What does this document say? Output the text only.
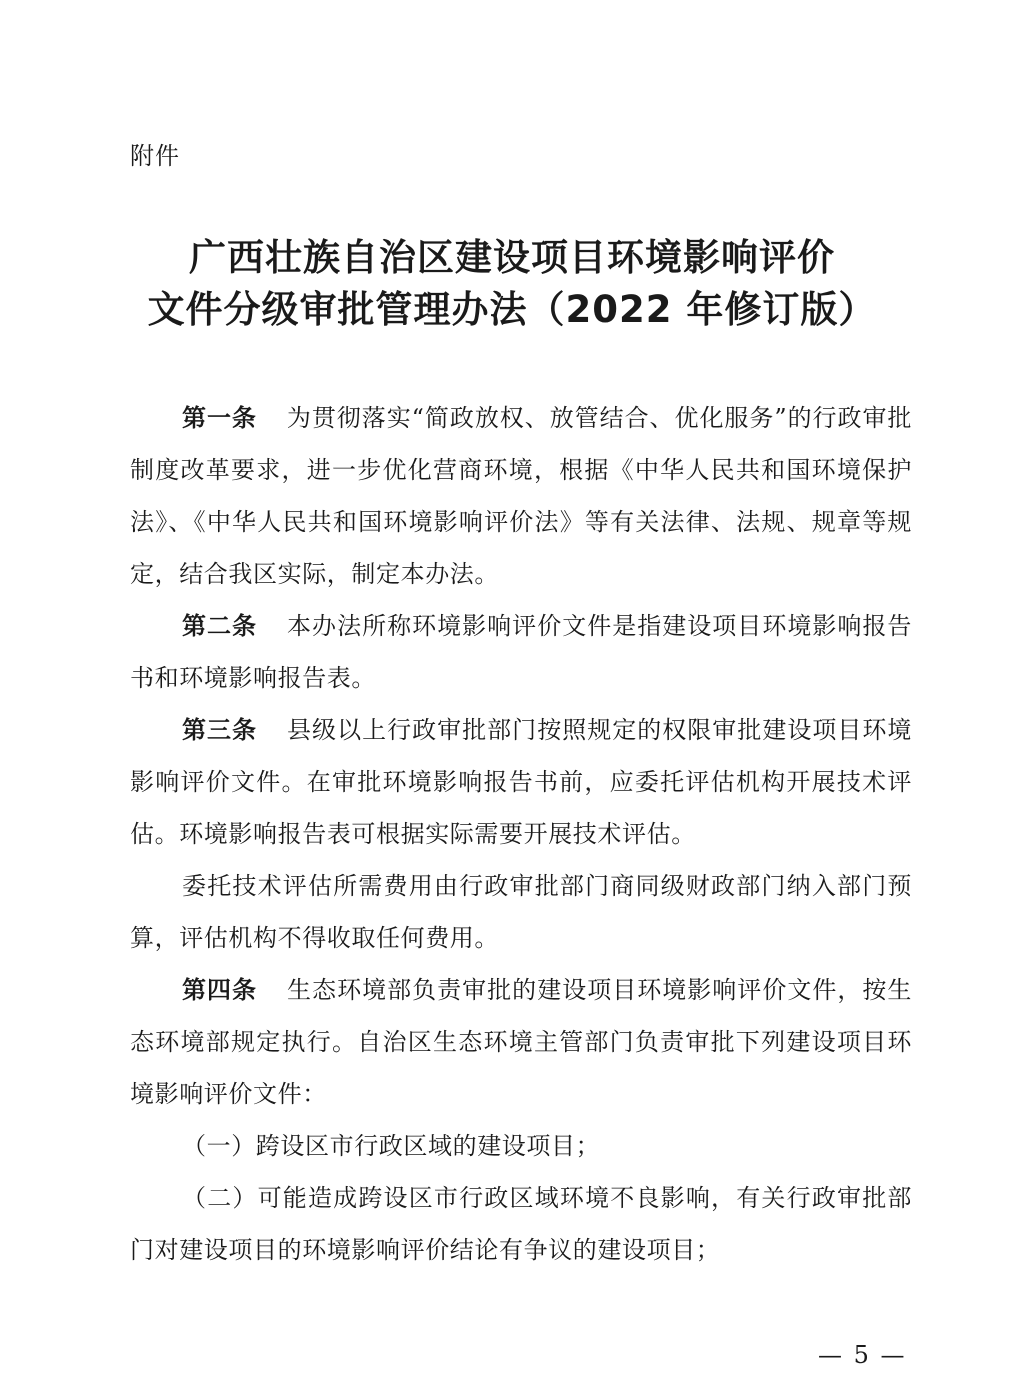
附件
广西壮族自治区建设项目环境影响评价
文件分级审批管理办法（2022 年修订版）
第一条 为贯彻落实“简政放权、放管结合、优化服务”的行政审批制度改革要求，进一步优化营商环境，根据《中华人民共和国环境保护法》、《中华人民共和国环境影响评价法》等有关法律、法规、规章等规定，结合我区实际，制定本办法。
第二条 本办法所称环境影响评价文件是指建设项目环境影响报告书和环境影响报告表。
第三条 县级以上行政审批部门按照规定的权限审批建设项目环境影响评价文件。在审批环境影响报告书前，应委托评估机构开展技术评估。环境影响报告表可根据实际需要开展技术评估。
委托技术评估所需费用由行政审批部门商同级财政部门纳入部门预算，评估机构不得收取任何费用。
第四条 生态环境部负责审批的建设项目环境影响评价文件，按生态环境部规定执行。自治区生态环境主管部门负责审批下列建设项目环境影响评价文件：
（一）跨设区市行政区域的建设项目；
（二）可能造成跨设区市行政区域环境不良影响，有关行政审批部门对建设项目的环境影响评价结论有争议的建设项目；
— 5 —
